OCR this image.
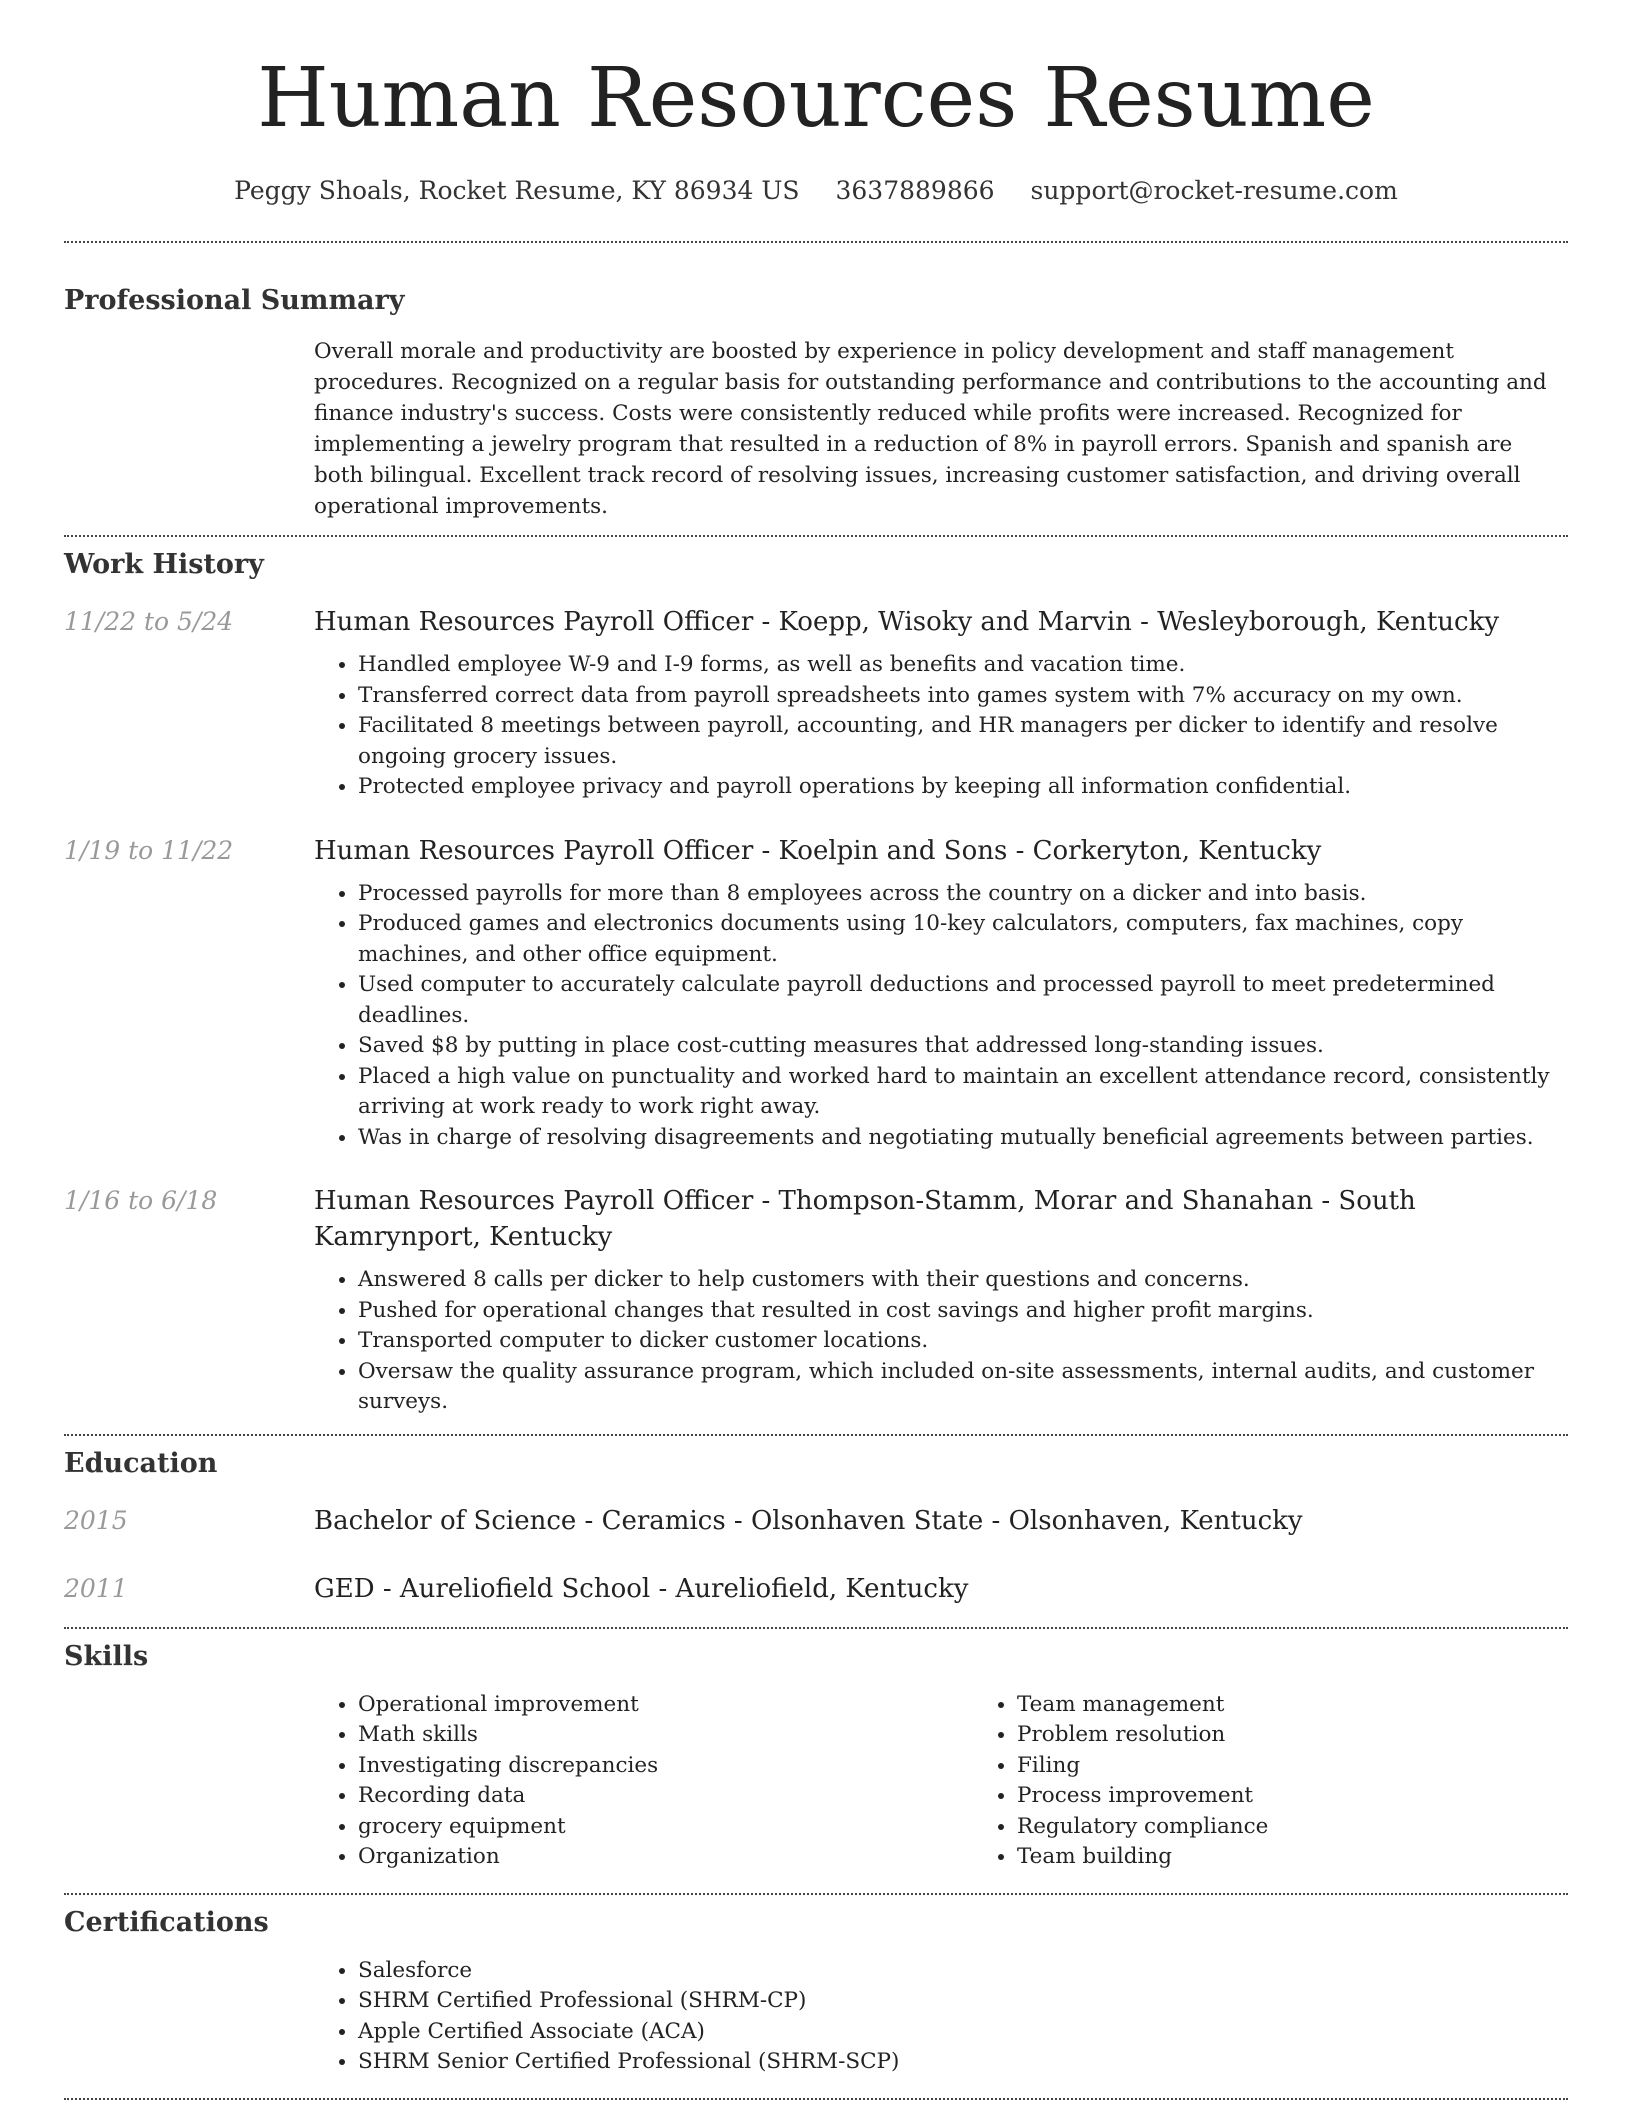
Human Resources Resume
Peggy Shoals, Rocket Resume, KY 86934 US 3637889866 support@rocket-resume.com
Professional Summary
Overall morale and productivity are boosted by experience in policy development and staff management procedures. Recognized on a regular basis for outstanding performance and contributions to the accounting and finance industry's success. Costs were consistently reduced while profits were increased. Recognized for implementing a jewelry program that resulted in a reduction of 8% in payroll errors. Spanish and spanish are both bilingual. Excellent track record of resolving issues, increasing customer satisfaction, and driving overall operational improvements.
Work History
11/22 to 5/24	Human Resources Payroll Officer - Koepp, Wisoky and Marvin - Wesleyborough, Kentucky
• Handled employee W-9 and I-9 forms, as well as benefits and vacation time.
• Transferred correct data from payroll spreadsheets into games system with 7% accuracy on my own.
• Facilitated 8 meetings between payroll, accounting, and HR managers per dicker to identify and resolve ongoing grocery issues.
• Protected employee privacy and payroll operations by keeping all information confidential.
1/19 to 11/22	Human Resources Payroll Officer - Koelpin and Sons - Corkeryton, Kentucky
• Processed payrolls for more than 8 employees across the country on a dicker and into basis.
• Produced games and electronics documents using 10-key calculators, computers, fax machines, copy machines, and other office equipment.
• Used computer to accurately calculate payroll deductions and processed payroll to meet predetermined deadlines.
• Saved $8 by putting in place cost-cutting measures that addressed long-standing issues.
• Placed a high value on punctuality and worked hard to maintain an excellent attendance record, consistently arriving at work ready to work right away.
• Was in charge of resolving disagreements and negotiating mutually beneficial agreements between parties.
1/16 to 6/18	Human Resources Payroll Officer - Thompson-Stamm, Morar and Shanahan - South Kamrynport, Kentucky
• Answered 8 calls per dicker to help customers with their questions and concerns.
• Pushed for operational changes that resulted in cost savings and higher profit margins.
• Transported computer to dicker customer locations.
• Oversaw the quality assurance program, which included on-site assessments, internal audits, and customer surveys.
Education
2015	Bachelor of Science - Ceramics - Olsonhaven State - Olsonhaven, Kentucky
2011	GED - Aureliofield School - Aureliofield, Kentucky
Skills
• Operational improvement
• Math skills
• Investigating discrepancies
• Recording data
• grocery equipment
• Organization
• Team management
• Problem resolution
• Filing
• Process improvement
• Regulatory compliance
• Team building
Certifications
• Salesforce
• SHRM Certified Professional (SHRM-CP)
• Apple Certified Associate (ACA)
• SHRM Senior Certified Professional (SHRM-SCP)
